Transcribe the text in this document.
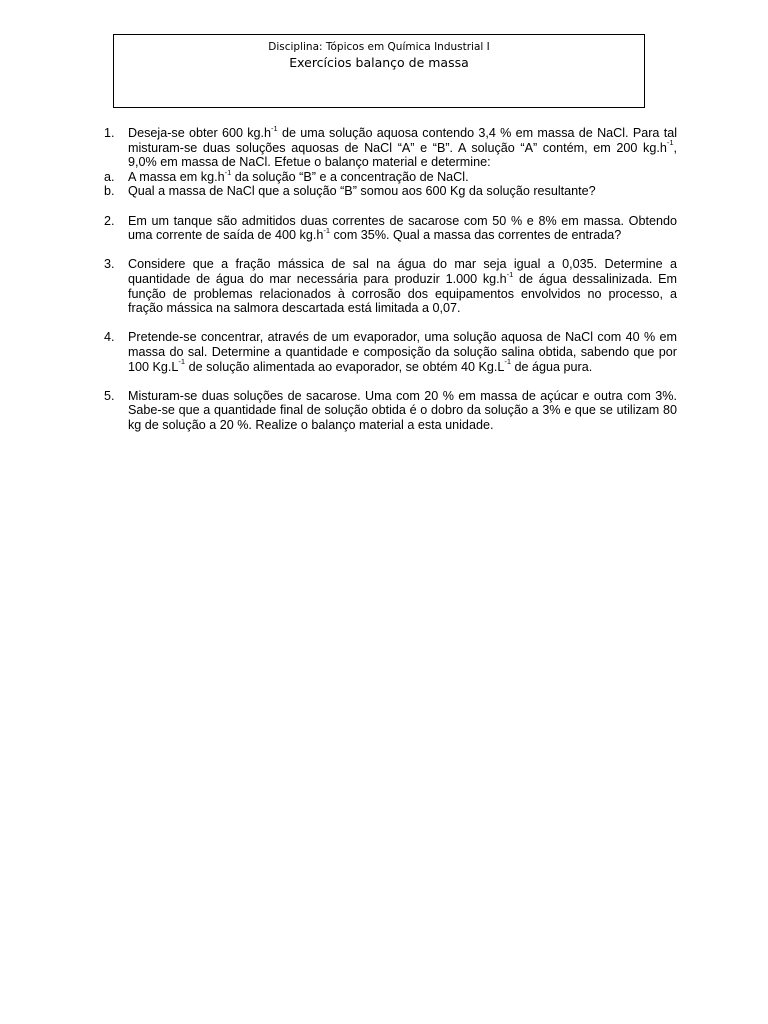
Disciplina: Tópicos em Química Industrial I
Exercícios balanço de massa
1.	Deseja-se obter 600 $kg.h^{-1}$ de uma solução aquosa contendo 3,4 % em massa de NaCl. Para tal misturam-se duas soluções aquosas de NaCl “A” e “B”. A solução “A” contém, em 200 $kg.h^{-1}$, 9,0% em massa de NaCl. Efetue o balanço material e determine:

a.	A massa em $kg.h^{-1}$ da solução “B” e a concentração de NaCl.
b.	Qual a massa de NaCl que a solução “B” somou aos 600 Kg da solução resultante?
2.	Em um tanque são admitidos duas correntes de sacarose com 50 % e 8% em massa. Obtendo uma corrente de saída de 400 $kg.h^{-1}$ com 35%. Qual a massa das correntes de entrada?

3.	Considere que a fração mássica de sal na água do mar seja igual a 0,035. Determine a quantidade de água do mar necessária para produzir 1.000 $kg.h^{-1}$ de água dessalinizada. Em função de problemas relacionados à corrosão dos equipamentos envolvidos no processo, a fração mássica na salmora descartada está limitada a 0,07.

4.	Pretende-se concentrar, através de um evaporador, uma solução aquosa de NaCl com 40 % em massa do sal. Determine a quantidade e composição da solução salina obtida, sabendo que por 100 $Kg.L^{-1}$ de solução alimentada ao evaporador, se obtém 40 $Kg.L^{-1}$ de água pura.

5.	Misturam-se duas soluções de sacarose. Uma com 20 % em massa de açúcar e outra com 3%. Sabe-se que a quantidade final de solução obtida é o dobro da solução a 3% e que se utilizam 80 kg de solução a 20 %. Realize o balanço material a esta unidade.
